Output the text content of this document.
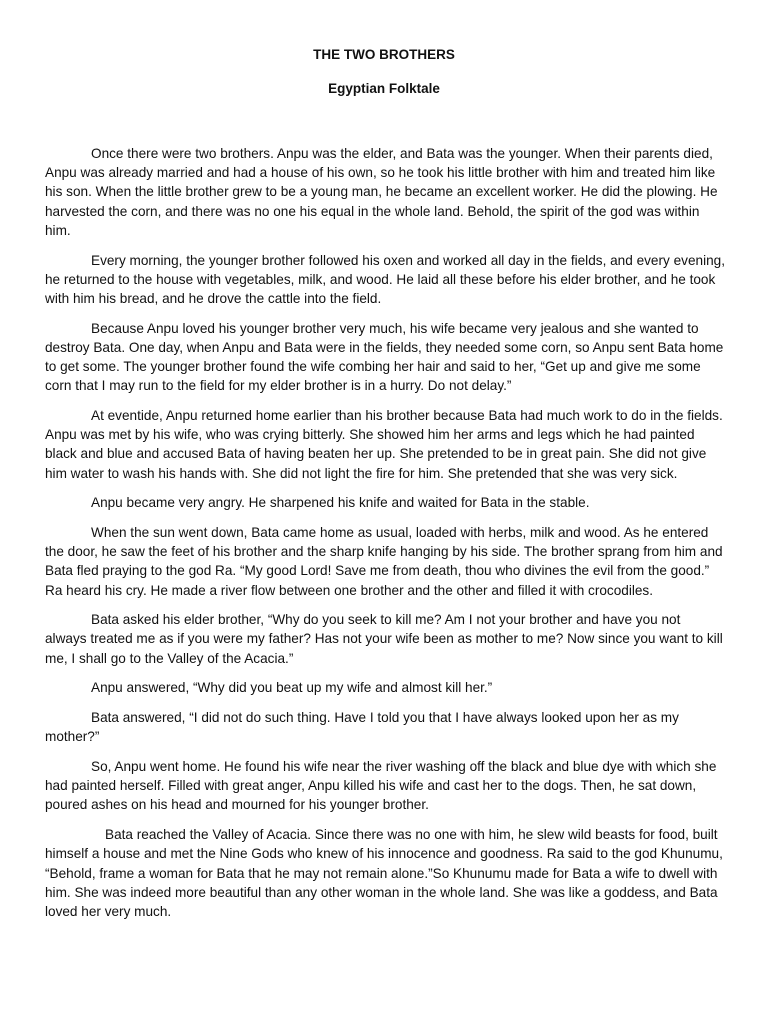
THE TWO BROTHERS
Egyptian Folktale

Once there were two brothers. Anpu was the elder, and Bata was the younger. When their parents died, Anpu was already married and had a house of his own, so he took his little brother with him and treated him like his son. When the little brother grew to be a young man, he became an excellent worker. He did the plowing. He harvested the corn, and there was no one his equal in the whole land. Behold, the spirit of the god was within him.

Every morning, the younger brother followed his oxen and worked all day in the fields, and every evening, he returned to the house with vegetables, milk, and wood. He laid all these before his elder brother, and he took with him his bread, and he drove the cattle into the field.

Because Anpu loved his younger brother very much, his wife became very jealous and she wanted to destroy Bata. One day, when Anpu and Bata were in the fields, they needed some corn, so Anpu sent Bata home to get some. The younger brother found the wife combing her hair and said to her, “Get up and give me some corn that I may run to the field for my elder brother is in a hurry. Do not delay.”

At eventide, Anpu returned home earlier than his brother because Bata had much work to do in the fields. Anpu was met by his wife, who was crying bitterly. She showed him her arms and legs which he had painted black and blue and accused Bata of having beaten her up. She pretended to be in great pain. She did not give him water to wash his hands with. She did not light the fire for him. She pretended that she was very sick.

Anpu became very angry. He sharpened his knife and waited for Bata in the stable.

When the sun went down, Bata came home as usual, loaded with herbs, milk and wood. As he entered the door, he saw the feet of his brother and the sharp knife hanging by his side. The brother sprang from him and Bata fled praying to the god Ra. “My good Lord! Save me from death, thou who divines the evil from the good.” Ra heard his cry. He made a river flow between one brother and the other and filled it with crocodiles.

Bata asked his elder brother, “Why do you seek to kill me? Am I not your brother and have you not always treated me as if you were my father? Has not your wife been as mother to me? Now since you want to kill me, I shall go to the Valley of the Acacia.”

Anpu answered, “Why did you beat up my wife and almost kill her.”

Bata answered, “I did not do such thing. Have I told you that I have always looked upon her as my mother?”

So, Anpu went home. He found his wife near the river washing off the black and blue dye with which she had painted herself. Filled with great anger, Anpu killed his wife and cast her to the dogs. Then, he sat down, poured ashes on his head and mourned for his younger brother.

Bata reached the Valley of Acacia. Since there was no one with him, he slew wild beasts for food, built himself a house and met the Nine Gods who knew of his innocence and goodness. Ra said to the god Khunumu, “Behold, frame a woman for Bata that he may not remain alone.”So Khunumu made for Bata a wife to dwell with him. She was indeed more beautiful than any other woman in the whole land. She was like a goddess, and Bata loved her very much.
